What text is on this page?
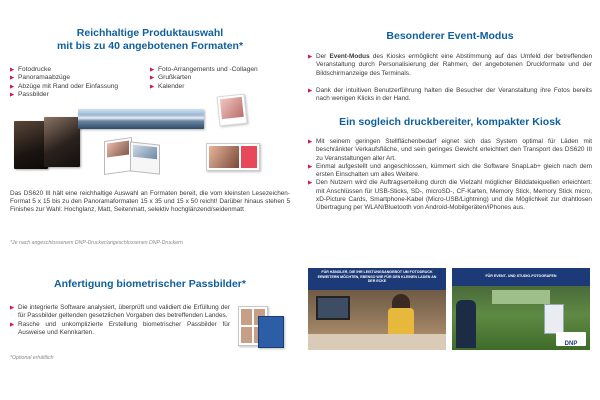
Reichhaltige Produktauswahl
mit bis zu 40 angebotenen Formaten*
▶ Fotodrucke
▶ Panoramaabzüge
▶ Abzüge mit Rand oder Einfassung
▶ Passbilder
▶ Foto-Arrangements und -Collagen
▶ Grußkarten
▶ Kalender

Das DS620 III hält eine reichhaltige Auswahl an Formaten bereit, die vom kleinsten Lesezeichen-Format 5 x 15 bis zu den Panoramaformaten 15 x 35 und 15 x 50 reicht! Darüber hinaus stehen 5 Finishes zur Wahl: Hochglanz, Matt, Seitenmatt, selektiv hochglänzend/seidenmatt

*Je nach angeschlossenem DNP-Drucker/angeschlossenen DNP-Druckern

Anfertigung biometrischer Passbilder*
▶ Die integrierte Software analysiert, überprüft und validiert die Erfüllung der für Passbilder geltenden gesetzlichen Vorgaben des betreffenden Landes.
▶ Rasche und unkomplizierte Erstellung biometrischer Passbilder für Ausweise und Kennkarten.

*Optional erhältlich

Besonderer Event-Modus
▶ Der Event-Modus des Kiosks ermöglicht eine Abstimmung auf das Umfeld der betreffenden Veranstaltung durch Personalisierung der Rahmen, der angebotenen Druckformate und der Bildschirmanzeige des Terminals.
▶ Dank der intuitiven Benutzerführung halten die Besucher der Veranstaltung ihre Fotos bereits nach wenigen Klicks in der Hand.
Ein sogleich druckbereiter, kompakter Kiosk
▶ Mit seinem geringen Stellflächenbedarf eignet sich das System optimal für Läden mit beschränkter Verkaufsfläche, und sein geringes Gewicht erleichtert den Transport des DS620 III zu Veranstaltungen aller Art.
▶ Einmal aufgestellt und angeschlossen, kümmert sich die Software SnapLab+ gleich nach dem ersten Einschalten um alles Weitere.
▶ Den Nutzern wird die Auftragserteilung durch die Vielzahl möglicher Bilddateiquellen erleichtert: mit Anschlüssen für USB-Sticks, SD-, microSD-, CF-Karten, Memory Stick, Memory Stick micro, xD-Picture Cards, Smartphone-Kabel (Micro-USB/Lightning) und die Möglichkeit zur drahtlosen Übertragung per WLAN/Bluetooth von Android-Mobilgeräten/iPhones aus.
FÜR HÄNDLER, DIE IHR LEISTUNGSANGEBOT UM FOTODRUCK ERWEITERN MÖCHTEN, EBENSO WIE FÜR DEN KLEINEN LADEN AN DER ECKE
FÜR EVENT- UND STUDIO-FOTOGRAFEN
DNP
